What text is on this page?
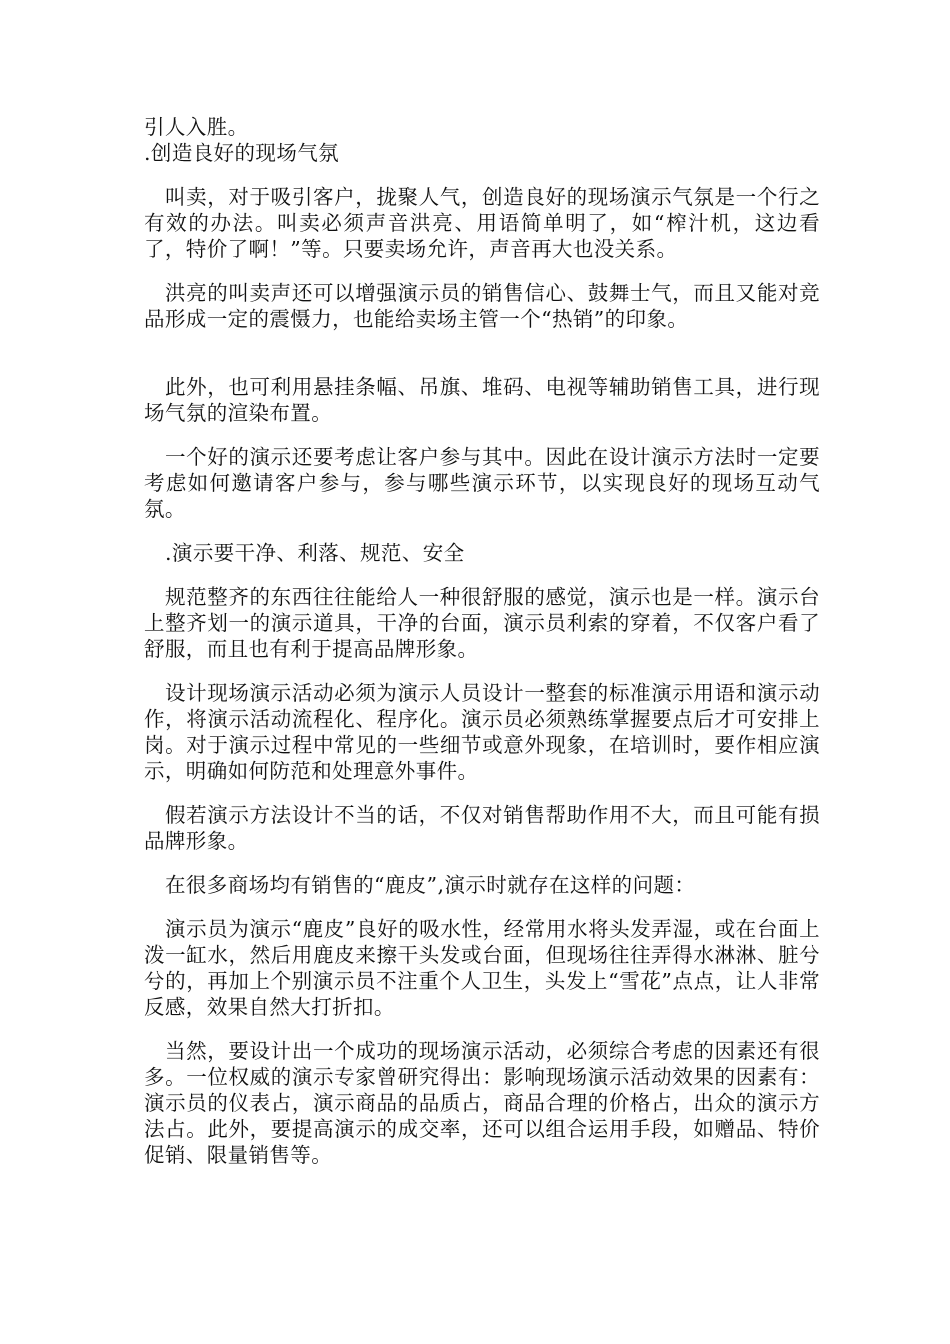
引人入胜。

.创造良好的现场气氛

叫卖，对于吸引客户，拢聚人气，创造良好的现场演示气氛是一个行之有效的办法。叫卖必须声音洪亮、用语简单明了，如“榨汁机，这边看了，特价了啊！”等。只要卖场允许，声音再大也没关系。

洪亮的叫卖声还可以增强演示员的销售信心、鼓舞士气，而且又能对竞品形成一定的震慑力，也能给卖场主管一个“热销”的印象。

此外，也可利用悬挂条幅、吊旗、堆码、电视等辅助销售工具，进行现场气氛的渲染布置。

一个好的演示还要考虑让客户参与其中。因此在设计演示方法时一定要考虑如何邀请客户参与，参与哪些演示环节，以实现良好的现场互动气氛。

.演示要干净、利落、规范、安全

规范整齐的东西往往能给人一种很舒服的感觉，演示也是一样。演示台上整齐划一的演示道具，干净的台面，演示员利索的穿着，不仅客户看了舒服，而且也有利于提高品牌形象。

设计现场演示活动必须为演示人员设计一整套的标准演示用语和演示动作，将演示活动流程化、程序化。演示员必须熟练掌握要点后才可安排上岗。对于演示过程中常见的一些细节或意外现象，在培训时，要作相应演示，明确如何防范和处理意外事件。

假若演示方法设计不当的话，不仅对销售帮助作用不大，而且可能有损品牌形象。

在很多商场均有销售的“鹿皮”,演示时就存在这样的问题：

演示员为演示“鹿皮”良好的吸水性，经常用水将头发弄湿，或在台面上泼一缸水，然后用鹿皮来擦干头发或台面，但现场往往弄得水淋淋、脏兮兮的，再加上个别演示员不注重个人卫生，头发上“雪花”点点，让人非常反感，效果自然大打折扣。

当然，要设计出一个成功的现场演示活动，必须综合考虑的因素还有很多。一位权威的演示专家曾研究得出：影响现场演示活动效果的因素有：演示员的仪表占，演示商品的品质占，商品合理的价格占，出众的演示方法占。此外，要提高演示的成交率，还可以组合运用手段，如赠品、特价促销、限量销售等。
